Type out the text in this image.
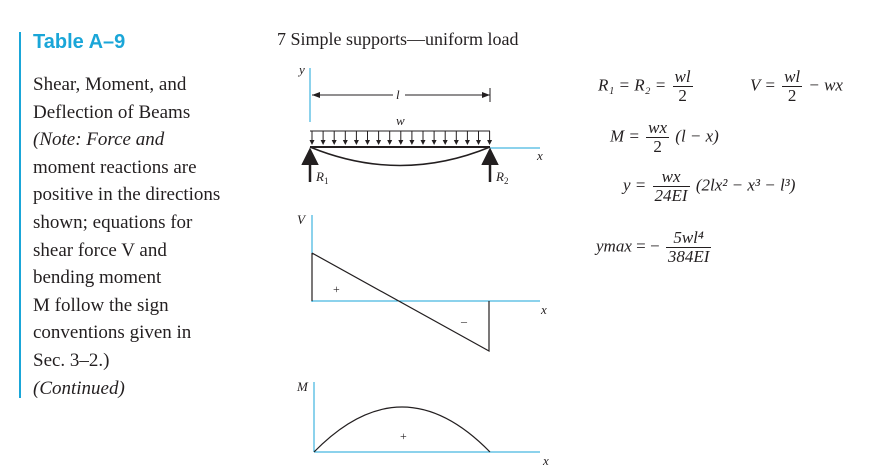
Table A–9

Shear, Moment, and

Deflection of Beams

(Note: Force and

moment reactions are

positive in the directions

shown; equations for

shear force V and

bending moment

M follow the sign

conventions given in

Sec. 3–2.)

(Continued)

7 Simple supports—uniform load
y
l
w
x
$R_1$	$R_2$
V
x
+
–
M
x
+
$R_1 = R_2 = \frac{wl}{2}$	$V = \frac{wl}{2}$ − wx
$M = \frac{wx}{2} (l - x)$
$y = \frac{wx}{24EI} (2lx^2 - x^3 - l^3)$
ymax = − $\frac{\text{5wl⁴}}{384EI}$
